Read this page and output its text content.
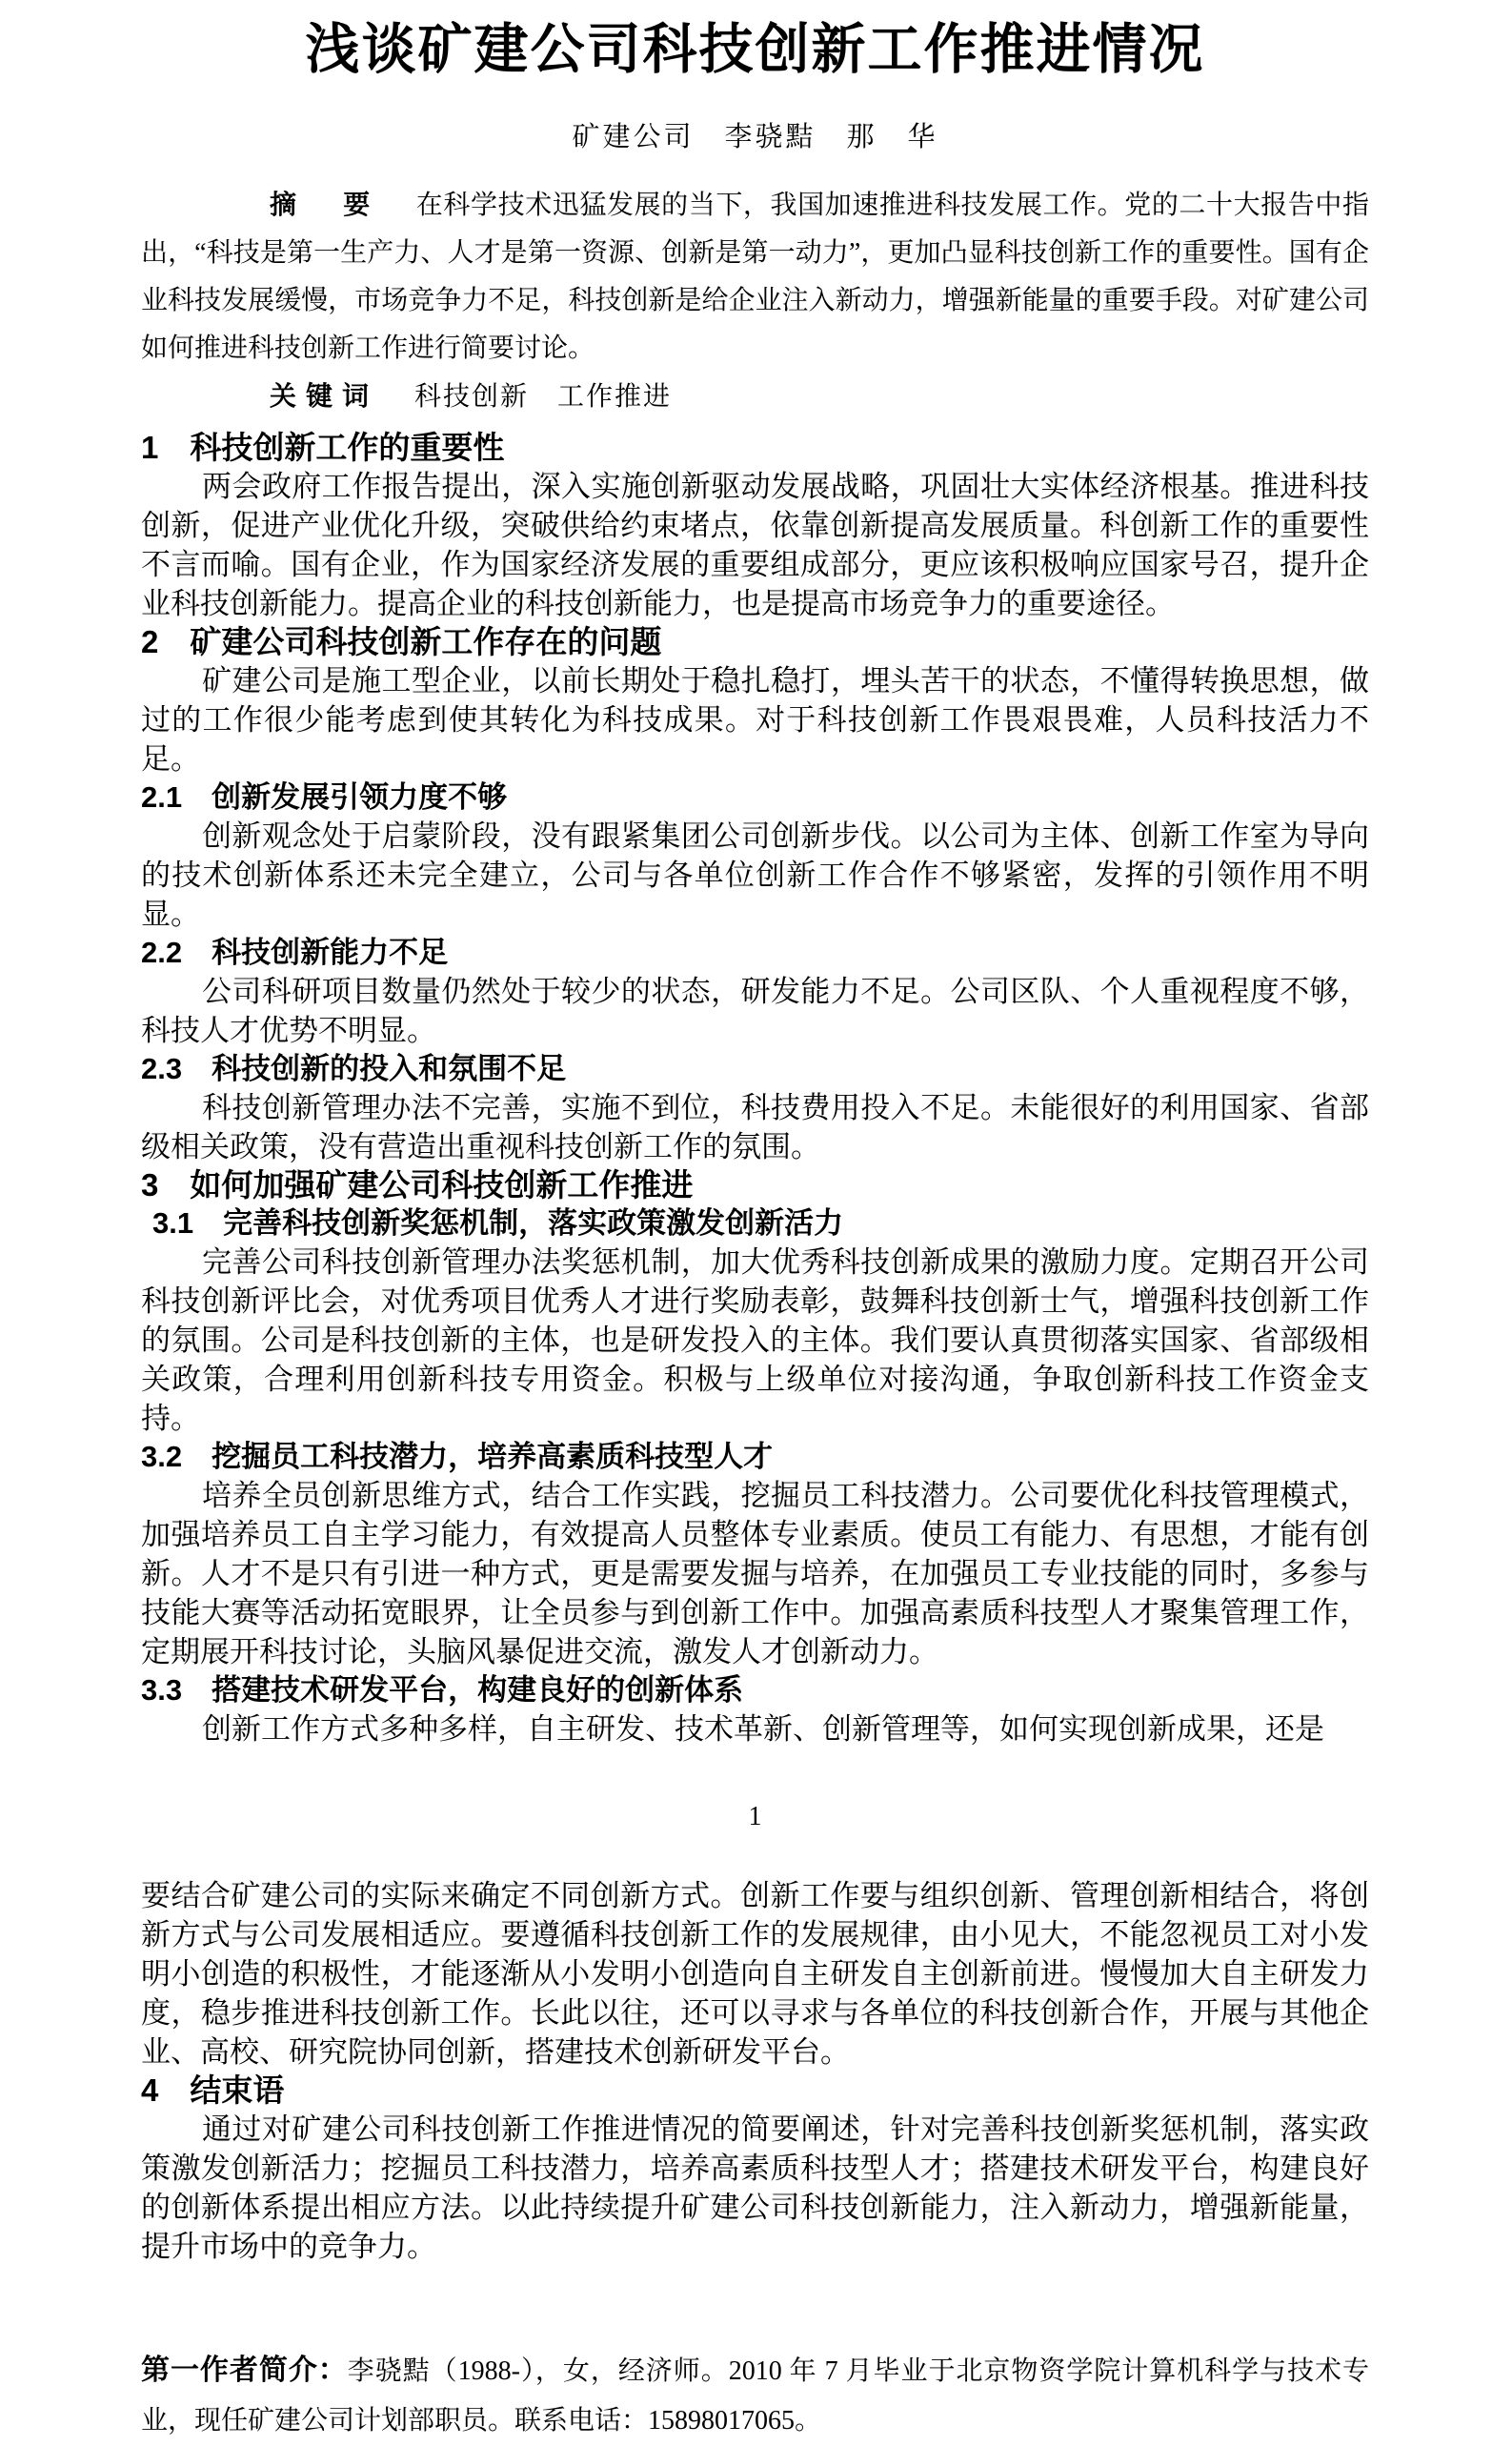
浅谈矿建公司科技创新工作推进情况
矿建公司　李骁黠　那　华

摘　要 在科学技术迅猛发展的当下，我国加速推进科技发展工作。党的二十大报告中指出，“科技是第一生产力、人才是第一资源、创新是第一动力”，更加凸显科技创新工作的重要性。国有企业科技发展缓慢，市场竞争力不足，科技创新是给企业注入新动力，增强新能量的重要手段。对矿建公司如何推进科技创新工作进行简要讨论。

关键词 科技创新　工作推进

1　科技创新工作的重要性

两会政府工作报告提出，深入实施创新驱动发展战略，巩固壮大实体经济根基。推进科技创新，促进产业优化升级，突破供给约束堵点，依靠创新提高发展质量。科创新工作的重要性不言而喻。国有企业，作为国家经济发展的重要组成部分，更应该积极响应国家号召，提升企业科技创新能力。提高企业的科技创新能力，也是提高市场竞争力的重要途径。

2　矿建公司科技创新工作存在的问题

矿建公司是施工型企业，以前长期处于稳扎稳打，埋头苦干的状态，不懂得转换思想，做过的工作很少能考虑到使其转化为科技成果。对于科技创新工作畏艰畏难，人员科技活力不足。

2.1　创新发展引领力度不够

创新观念处于启蒙阶段，没有跟紧集团公司创新步伐。以公司为主体、创新工作室为导向的技术创新体系还未完全建立，公司与各单位创新工作合作不够紧密，发挥的引领作用不明显。

2.2　科技创新能力不足

公司科研项目数量仍然处于较少的状态，研发能力不足。公司区队、个人重视程度不够，科技人才优势不明显。

2.3　科技创新的投入和氛围不足

科技创新管理办法不完善，实施不到位，科技费用投入不足。未能很好的利用国家、省部级相关政策，没有营造出重视科技创新工作的氛围。

3　如何加强矿建公司科技创新工作推进
3.1　完善科技创新奖惩机制，落实政策激发创新活力

完善公司科技创新管理办法奖惩机制，加大优秀科技创新成果的激励力度。定期召开公司科技创新评比会，对优秀项目优秀人才进行奖励表彰，鼓舞科技创新士气，增强科技创新工作的氛围。公司是科技创新的主体，也是研发投入的主体。我们要认真贯彻落实国家、省部级相关政策，合理利用创新科技专用资金。积极与上级单位对接沟通，争取创新科技工作资金支持。

3.2　挖掘员工科技潜力，培养高素质科技型人才

培养全员创新思维方式，结合工作实践，挖掘员工科技潜力。公司要优化科技管理模式，加强培养员工自主学习能力，有效提高人员整体专业素质。使员工有能力、有思想，才能有创新。人才不是只有引进一种方式，更是需要发掘与培养，在加强员工专业技能的同时，多参与技能大赛等活动拓宽眼界，让全员参与到创新工作中。加强高素质科技型人才聚集管理工作，定期展开科技讨论，头脑风暴促进交流，激发人才创新动力。

3.3　搭建技术研发平台，构建良好的创新体系

创新工作方式多种多样，自主研发、技术革新、创新管理等，如何实现创新成果，还是

1

要结合矿建公司的实际来确定不同创新方式。创新工作要与组织创新、管理创新相结合，将创新方式与公司发展相适应。要遵循科技创新工作的发展规律，由小见大，不能忽视员工对小发明小创造的积极性，才能逐渐从小发明小创造向自主研发自主创新前进。慢慢加大自主研发力度，稳步推进科技创新工作。长此以往，还可以寻求与各单位的科技创新合作，开展与其他企业、高校、研究院协同创新，搭建技术创新研发平台。

4　结束语

通过对矿建公司科技创新工作推进情况的简要阐述，针对完善科技创新奖惩机制，落实政策激发创新活力；挖掘员工科技潜力，培养高素质科技型人才；搭建技术研发平台，构建良好的创新体系提出相应方法。以此持续提升矿建公司科技创新能力，注入新动力，增强新能量，提升市场中的竞争力。

第一作者简介：李骁黠（1988-），女，经济师。2010 年 7 月毕业于北京物资学院计算机科学与技术专业，现任矿建公司计划部职员。联系电话：15898017065。
